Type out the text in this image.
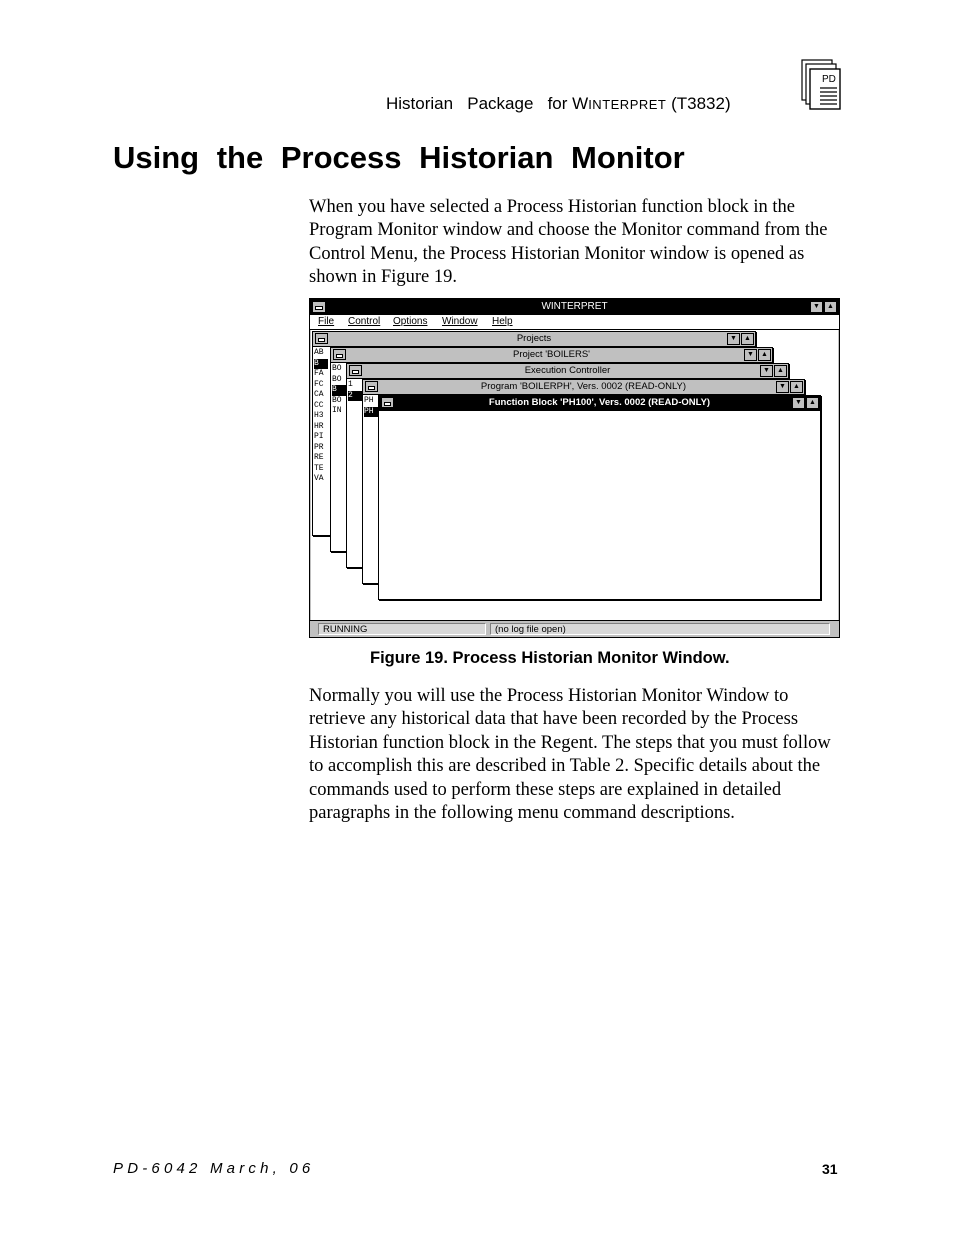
Historian   Package   for WINTERPRET (T3832)
PD
Using the Process Historian Monitor

When you have selected a Process Historian function block in the Program Monitor window and choose the Monitor command from the Control Menu, the Process Historian Monitor window is opened as shown in Figure 19.

WINTERPRET	▼	▲
File Control Options Window Help
Projects	▼	▲
AB
B
FA
FC
CA
CC
H3
HR
PI
PR
RE
TE
VA
Project 'BOILERS'	▼	▲
BO
BO
B
BO
IN
Execution Controller	▼	▲
1
2
Program 'BOILERPH', Vers. 0002 (READ-ONLY)	▼	▲
PH
PH
Function Block 'PH100', Vers. 0002 (READ-ONLY)	▼	▲
RUNNING	(no log file open)
Figure 19. Process Historian Monitor Window.

Normally you will use the Process Historian Monitor Window to retrieve any historical data that have been recorded by the Process Historian function block in the Regent. The steps that you must follow to accomplish this are described in Table 2. Specific details about the commands used to perform these steps are explained in detailed paragraphs in the following menu command descriptions.

PD-6042 March, 06	31
